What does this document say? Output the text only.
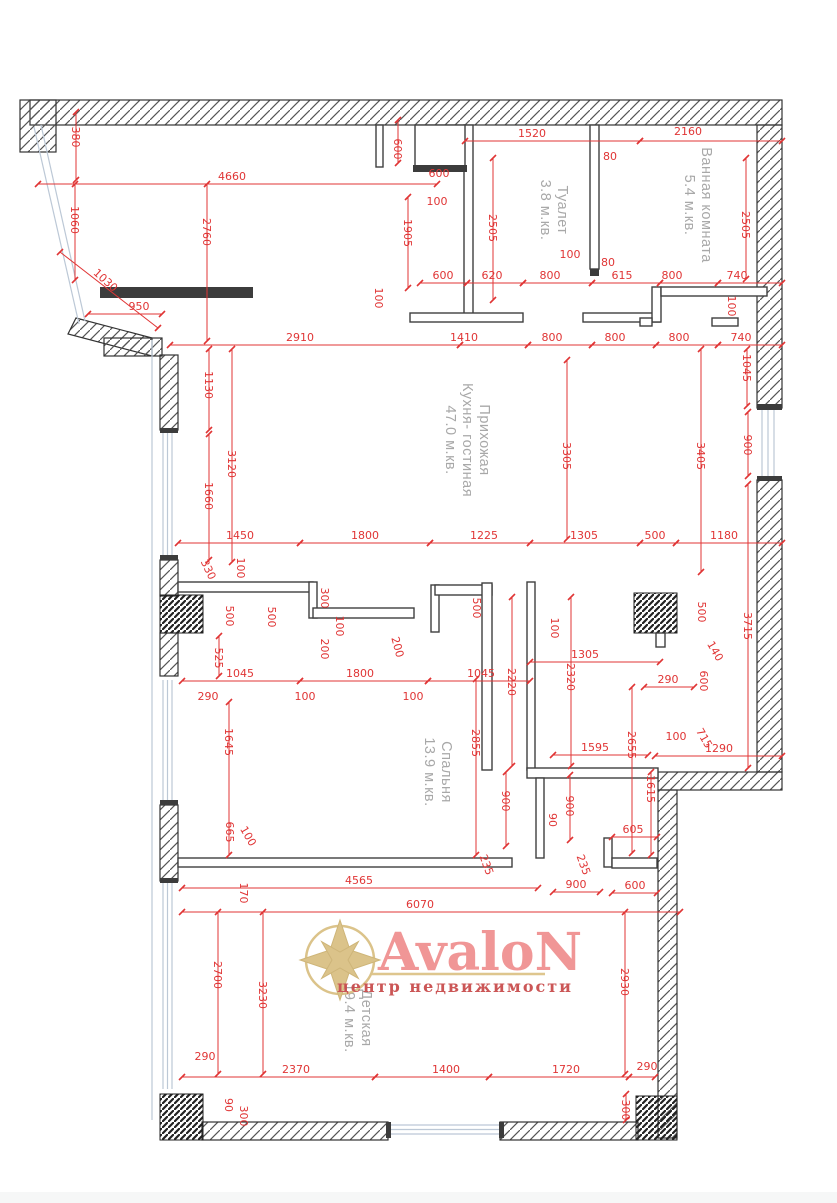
380
4660
600
600
100
1520
80
2160
1060	2760	1905	2505	2505
1030
950	100
100
80
615
600	620	800	800	740
100
2910	1410	800	800	800	740
1130
1045
900
3120
1660
3305	3405
1450	1800	1225	1305	500	1180
330 100
500	500
300
100
200	200
500
100
500
140
600
3715
525
1045	1800	1045
1305
290
290	100	100
2220	2320
1645	2855	2655
1595
100 715
1290
1615
900	900
90
665 100	605
235	235
900	600
170
4565
6070
2700
3230	2930
2370	1400	1720	290
290
90
300	300
Туалет3.8 м.кв.	Ванная комната5.4 м.кв.
ПрихожаяКухня- гостиная47.0 м.кв.
Спальня13.9 м.кв.
Детская19.4 м.кв.
AvaloN
центр недвижимости
